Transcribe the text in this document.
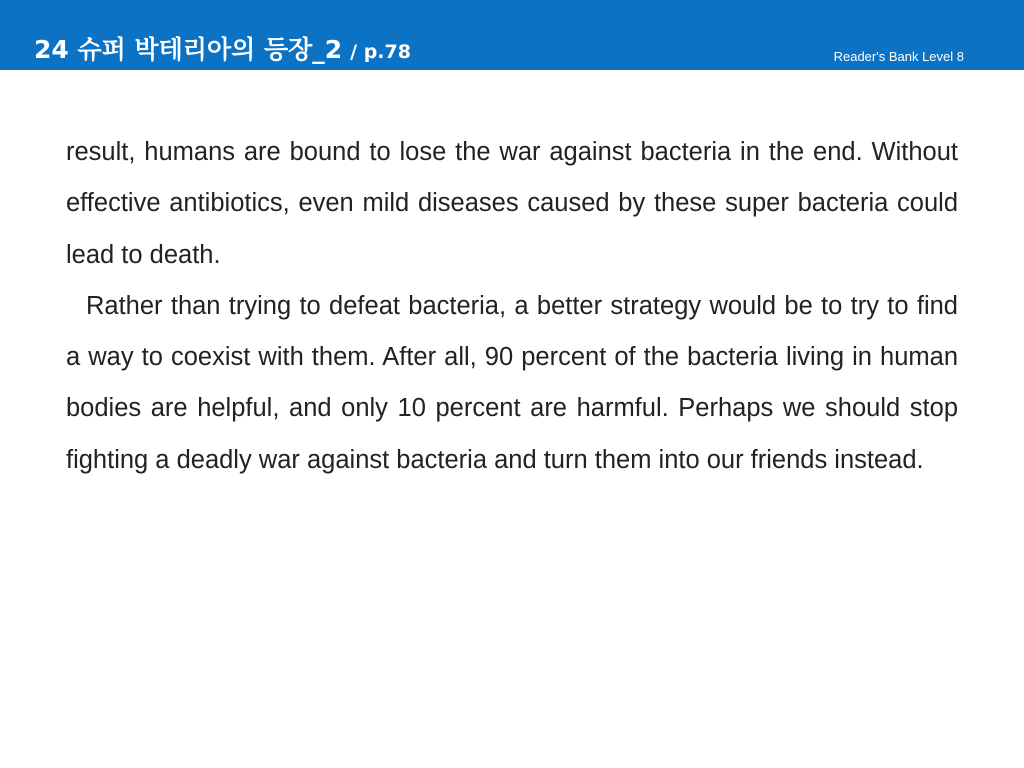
24 슈퍼 박테리아의 등장_2 / p.78	Reader's Bank Level 8

result, humans are bound to lose the war against bacteria in the end. Without effective antibiotics, even mild diseases caused by these super bacteria could lead to death.

Rather than trying to defeat bacteria, a better strategy would be to try to find a way to coexist with them. After all, 90 percent of the bacteria living in human bodies are helpful, and only 10 percent are harmful. Perhaps we should stop fighting a deadly war against bacteria and turn them into our friends instead.
